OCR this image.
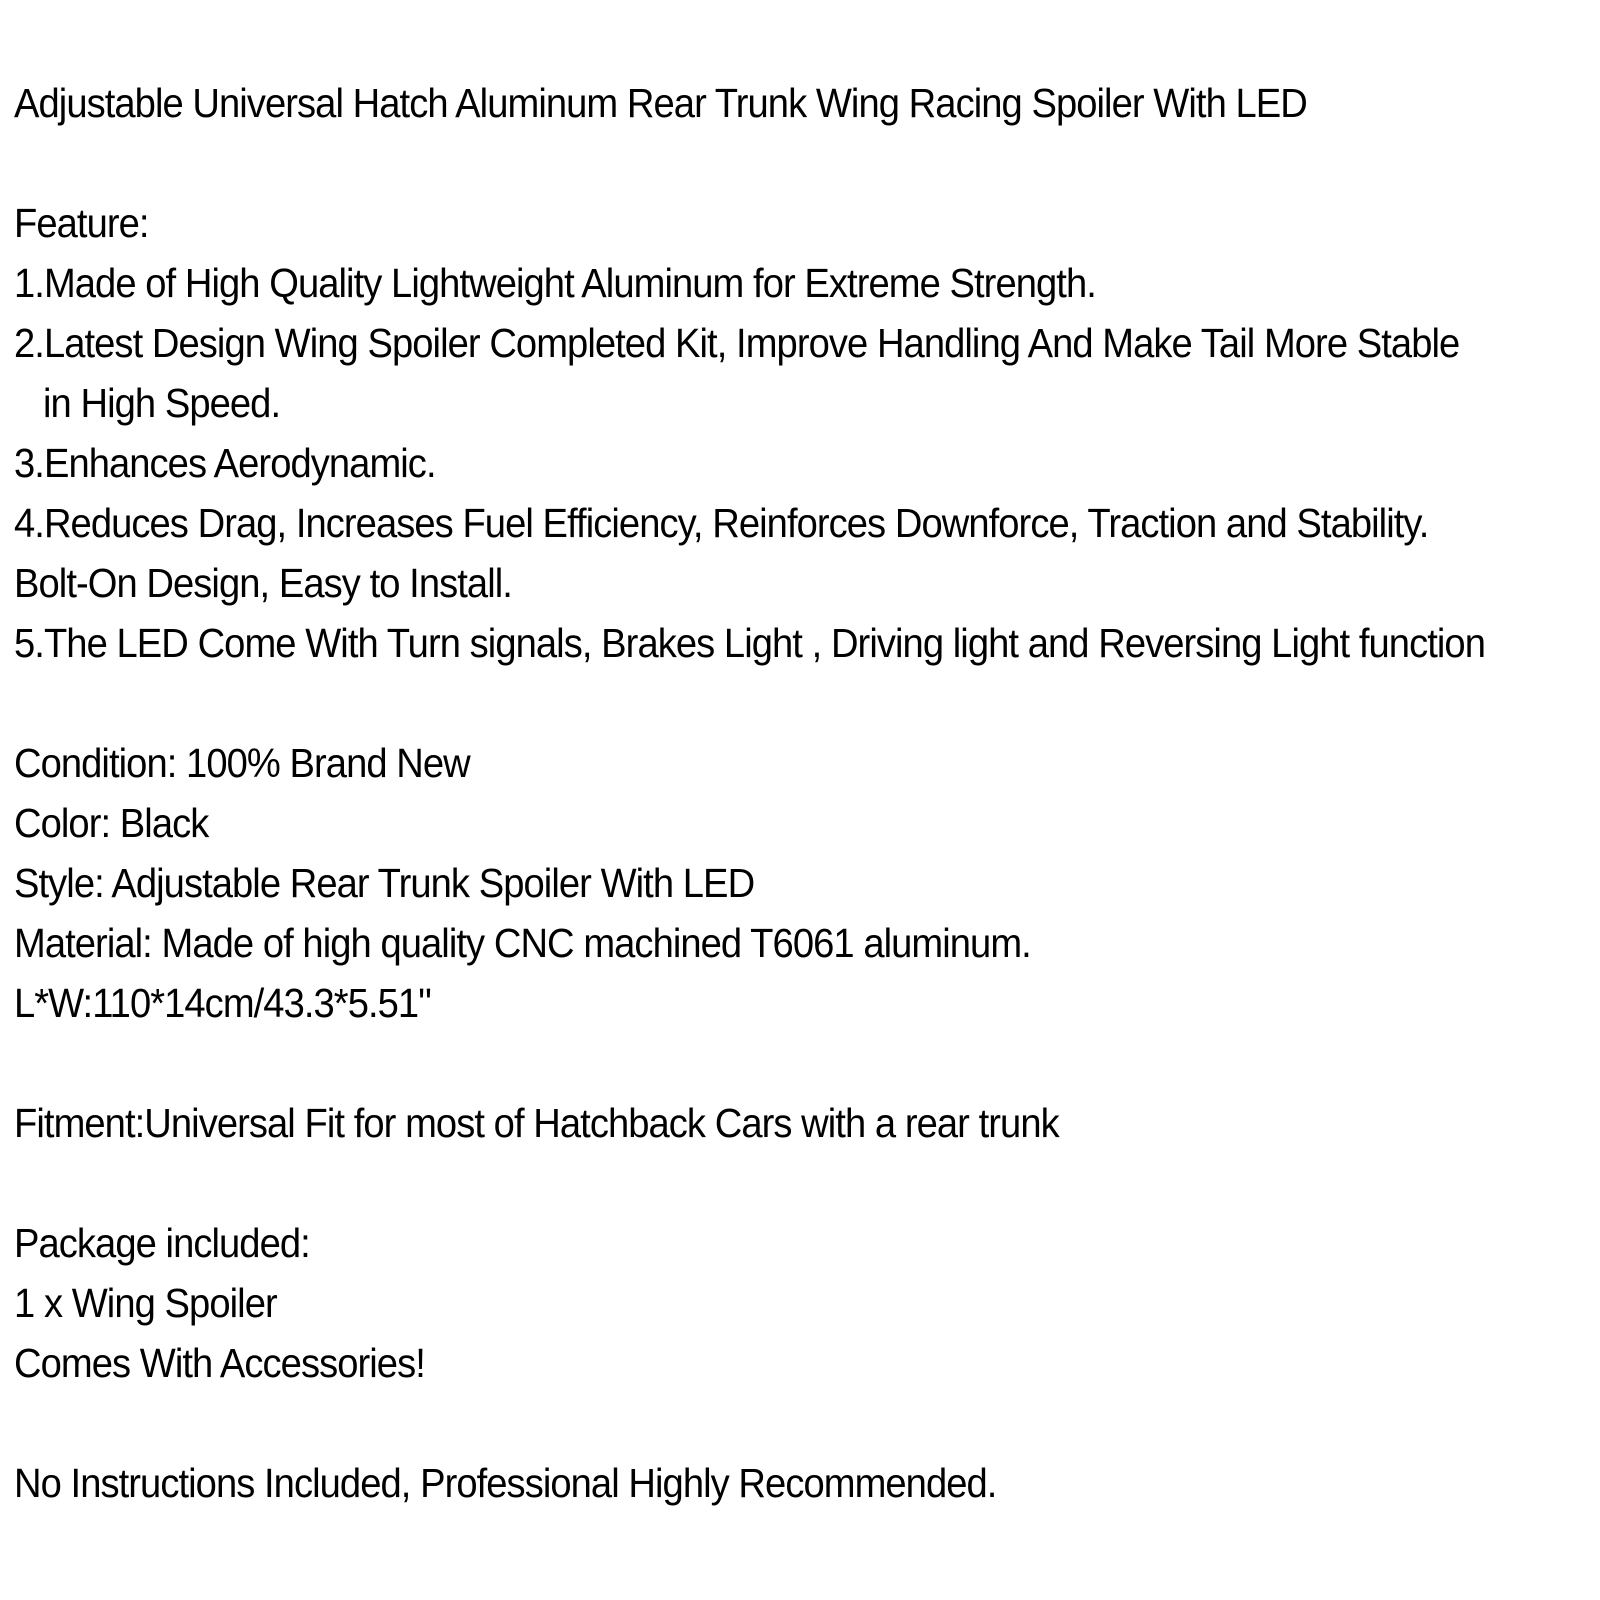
Adjustable Universal Hatch Aluminum Rear Trunk Wing Racing Spoiler With LED
Feature:
1.Made of High Quality Lightweight Aluminum for Extreme Strength.
2.Latest Design Wing Spoiler Completed Kit, Improve Handling And Make Tail More Stable
in High Speed.
3.Enhances Aerodynamic.
4.Reduces Drag, Increases Fuel Efficiency, Reinforces Downforce, Traction and Stability.
Bolt-On Design, Easy to Install.
5.The LED Come With Turn signals, Brakes Light , Driving light and Reversing Light function
Condition: 100% Brand New
Color: Black
Style: Adjustable Rear Trunk Spoiler With LED
Material: Made of high quality CNC machined T6061 aluminum.
L*W:110*14cm/43.3*5.51"
Fitment:Universal Fit for most of Hatchback Cars with a rear trunk
Package included:
1 x Wing Spoiler
Comes With Accessories!
No Instructions Included, Professional Highly Recommended.
